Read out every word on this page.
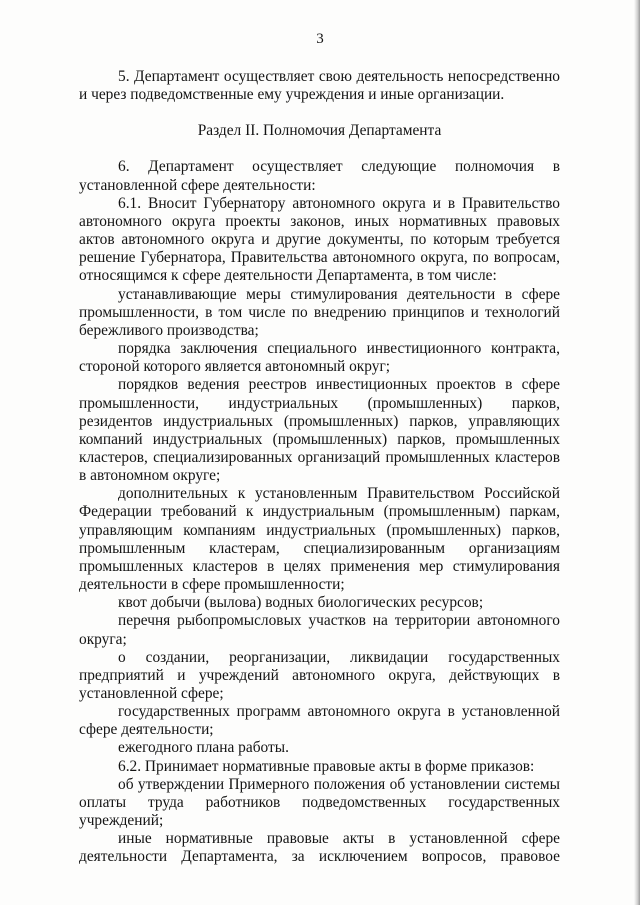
3

5. Департамент осуществляет свою деятельность непосредственно и через подведомственные ему учреждения и иные организации.

Раздел II. Полномочия Департамента

6. Департамент осуществляет следующие полномочия в установленной сфере деятельности:

6.1. Вносит Губернатору автономного округа и в Правительство автономного округа проекты законов, иных нормативных правовых актов автономного округа и другие документы, по которым требуется решение Губернатора, Правительства автономного округа, по вопросам, относящимся к сфере деятельности Департамента, в том числе:

устанавливающие меры стимулирования деятельности в сфере промышленности, в том числе по внедрению принципов и технологий бережливого производства;

порядка заключения специального инвестиционного контракта, стороной которого является автономный округ;

порядков ведения реестров инвестиционных проектов в сфере промышленности, индустриальных (промышленных) парков, резидентов индустриальных (промышленных) парков, управляющих компаний индустриальных (промышленных) парков, промышленных кластеров, специализированных организаций промышленных кластеров в автономном округе;

дополнительных к установленным Правительством Российской Федерации требований к индустриальным (промышленным) паркам, управляющим компаниям индустриальных (промышленных) парков, промышленным кластерам, специализированным организациям промышленных кластеров в целях применения мер стимулирования деятельности в сфере промышленности;

квот добычи (вылова) водных биологических ресурсов;

перечня рыбопромысловых участков на территории автономного округа;

о создании, реорганизации, ликвидации государственных предприятий и учреждений автономного округа, действующих в установленной сфере;

государственных программ автономного округа в установленной сфере деятельности;

ежегодного плана работы.

6.2. Принимает нормативные правовые акты в форме приказов:

об утверждении Примерного положения об установлении системы оплаты труда работников подведомственных государственных учреждений;

иные нормативные правовые акты в установленной сфере деятельности Департамента, за исключением вопросов, правовое
